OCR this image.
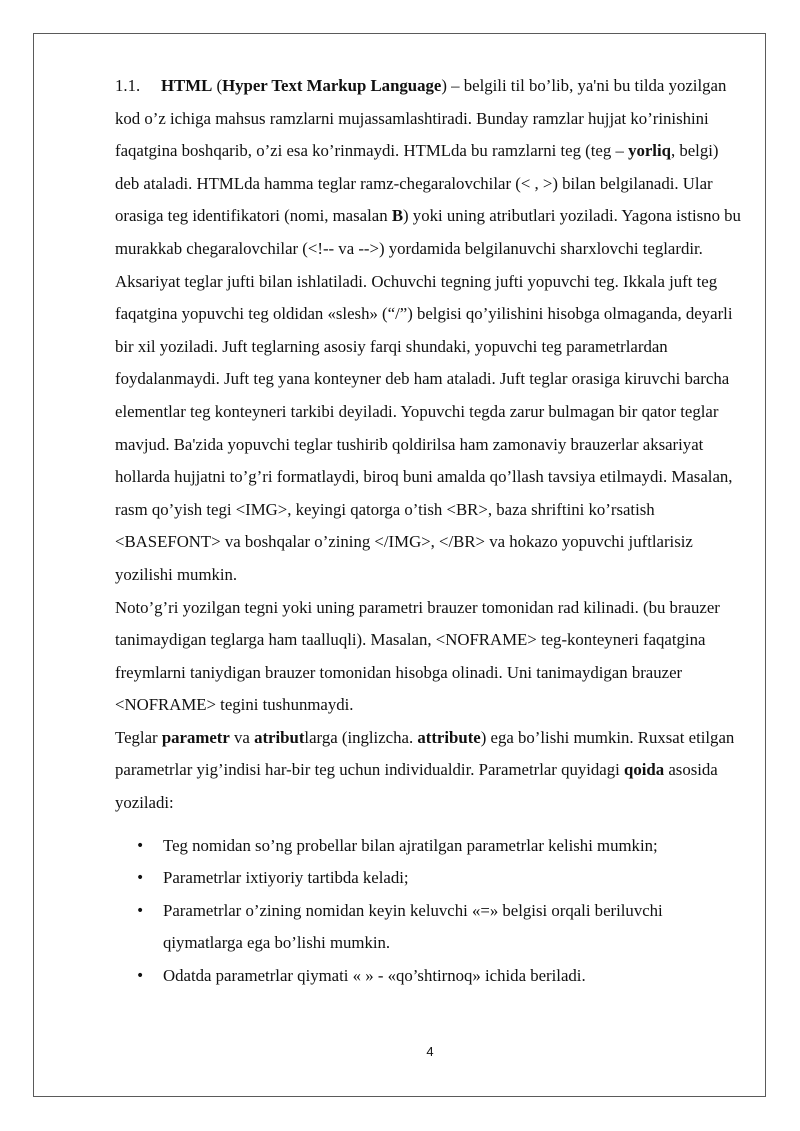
1.1. HTML (Hyper Text Markup Language) – belgili til bo’lib, ya'ni bu tilda yozilgan kod o’z ichiga mahsus ramzlarni mujassamlashtiradi. Bunday ramzlar hujjat ko’rinishini faqatgina boshqarib, o’zi esa ko’rinmaydi. HTMLda bu ramzlarni teg (teg – yorliq, belgi) deb ataladi. HTMLda hamma teglar ramz-chegaralovchilar (< , >) bilan belgilanadi. Ular orasiga teg identifikatori (nomi, masalan B) yoki uning atributlari yoziladi. Yagona istisno bu murakkab chegaralovchilar (<!-- va -->) yordamida belgilanuvchi sharxlovchi teglardir. Aksariyat teglar jufti bilan ishlatiladi. Ochuvchi tegning jufti yopuvchi teg. Ikkala juft teg faqatgina yopuvchi teg oldidan «slesh» (“/”) belgisi qo’yilishini hisobga olmaganda, deyarli bir xil yoziladi. Juft teglarning asosiy farqi shundaki, yopuvchi teg parametrlardan foydalanmaydi. Juft teg yana konteyner deb ham ataladi. Juft teglar orasiga kiruvchi barcha elementlar teg konteyneri tarkibi deyiladi. Yopuvchi tegda zarur bulmagan bir qator teglar mavjud. Ba'zida yopuvchi teglar tushirib qoldirilsa ham zamonaviy brauzerlar aksariyat hollarda hujjatni to’g’ri formatlaydi, biroq buni amalda qo’llash tavsiya etilmaydi. Masalan, rasm qo’yish tegi <IMG>, keyingi qatorga o’tish <BR>, baza shriftini ko’rsatish <BASEFONT> va boshqalar o’zining </IMG>, </BR> va hokazo yopuvchi juftlarisiz yozilishi mumkin.

Noto’g’ri yozilgan tegni yoki uning parametri brauzer tomonidan rad kilinadi. (bu brauzer tanimaydigan teglarga ham taalluqli). Masalan, <NOFRAME> teg-konteyneri faqatgina freymlarni taniydigan brauzer tomonidan hisobga olinadi. Uni tanimaydigan brauzer <NOFRAME> tegini tushunmaydi.

Teglar parametr va atributlarga (inglizcha. attribute) ega bo’lishi mumkin. Ruxsat etilgan parametrlar yig’indisi har-bir teg uchun individualdir. Parametrlar quyidagi qoida asosida yoziladi:

• Teg nomidan so’ng probellar bilan ajratilgan parametrlar kelishi mumkin;
• Parametrlar ixtiyoriy tartibda keladi;
• Parametrlar o’zining nomidan keyin keluvchi «=» belgisi orqali beriluvchi qiymatlarga ega bo’lishi mumkin.
• Odatda parametrlar qiymati « » - «qo’shtirnoq» ichida beriladi.
4
